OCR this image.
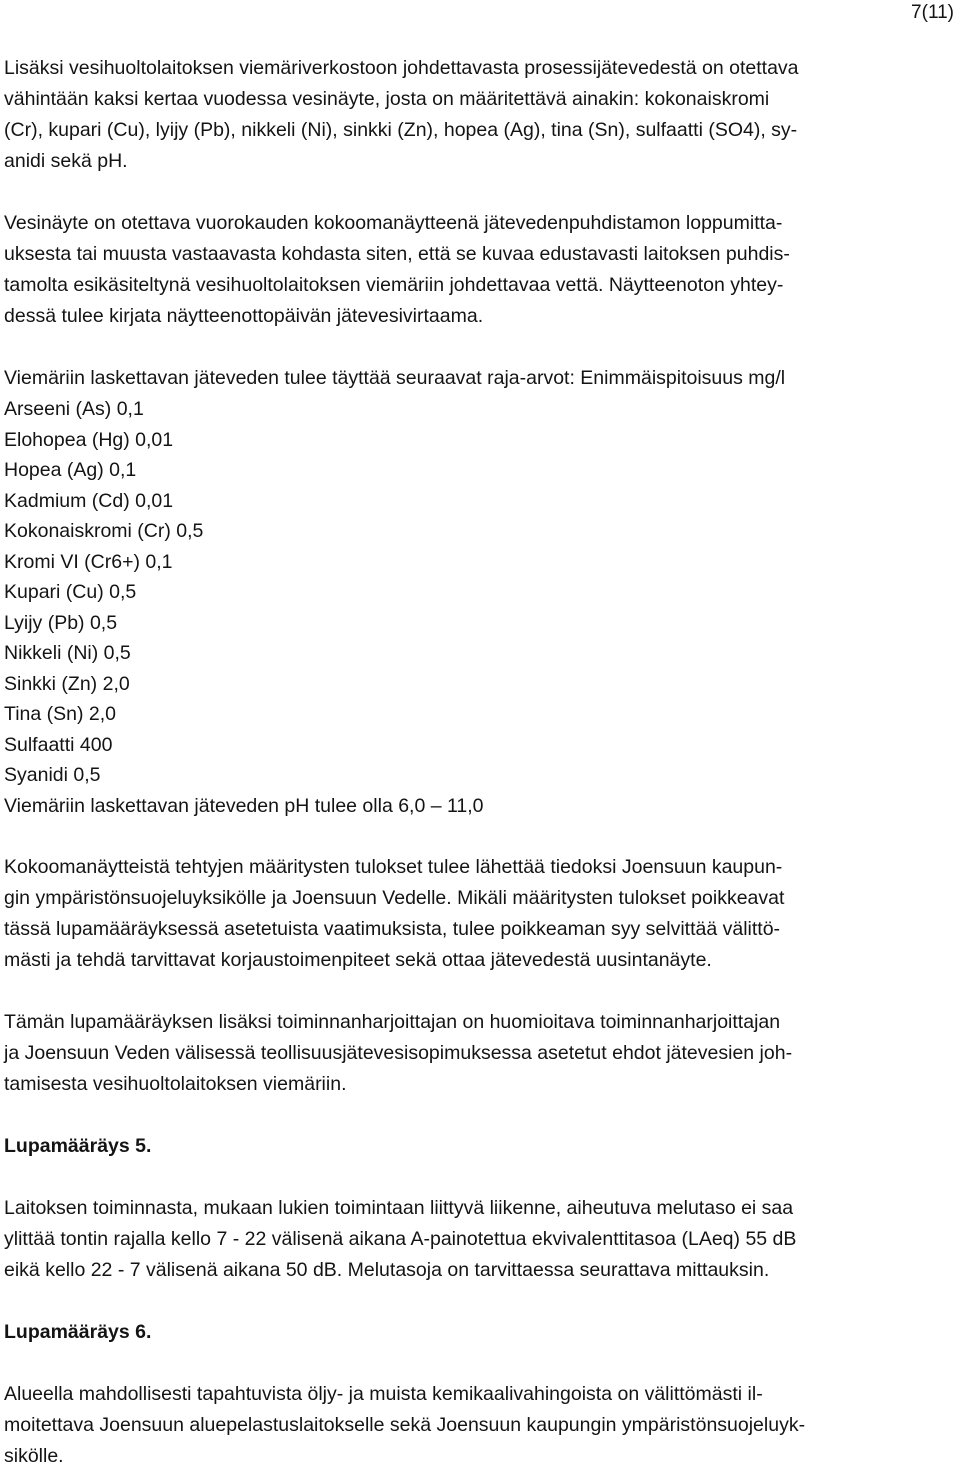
7(11)

Lisäksi vesihuoltolaitoksen viemäriverkostoon johdettavasta prosessijätevedestä on otettava
vähintään kaksi kertaa vuodessa vesinäyte, josta on määritettävä ainakin: kokonaiskromi
(Cr), kupari (Cu), lyijy (Pb), nikkeli (Ni), sinkki (Zn), hopea (Ag), tina (Sn), sulfaatti (SO4), sy-
anidi sekä pH.

Vesinäyte on otettava vuorokauden kokoomanäytteenä jätevedenpuhdistamon loppumitta-
uksesta tai muusta vastaavasta kohdasta siten, että se kuvaa edustavasti laitoksen puhdis-
tamolta esikäsiteltynä vesihuoltolaitoksen viemäriin johdettavaa vettä. Näytteenoton yhtey-
dessä tulee kirjata näytteenottopäivän jätevesivirtaama.

Viemäriin laskettavan jäteveden tulee täyttää seuraavat raja-arvot: Enimmäispitoisuus mg/l

Arseeni (As) 0,1
Elohopea (Hg) 0,01
Hopea (Ag) 0,1
Kadmium (Cd) 0,01
Kokonaiskromi (Cr) 0,5
Kromi VI (Cr6+) 0,1
Kupari (Cu) 0,5
Lyijy (Pb) 0,5
Nikkeli (Ni) 0,5
Sinkki (Zn) 2,0
Tina (Sn) 2,0
Sulfaatti 400
Syanidi 0,5
Viemäriin laskettavan jäteveden pH tulee olla 6,0 – 11,0

Kokoomanäytteistä tehtyjen määritysten tulokset tulee lähettää tiedoksi Joensuun kaupun-
gin ympäristönsuojeluyksikölle ja Joensuun Vedelle. Mikäli määritysten tulokset poikkeavat
tässä lupamääräyksessä asetetuista vaatimuksista, tulee poikkeaman syy selvittää välittö-
mästi ja tehdä tarvittavat korjaustoimenpiteet sekä ottaa jätevedestä uusintanäyte.

Tämän lupamääräyksen lisäksi toiminnanharjoittajan on huomioitava toiminnanharjoittajan
ja Joensuun Veden välisessä teollisuusjätevesisopimuksessa asetetut ehdot jätevesien joh-
tamisesta vesihuoltolaitoksen viemäriin.

Lupamääräys 5.

Laitoksen toiminnasta, mukaan lukien toimintaan liittyvä liikenne, aiheutuva melutaso ei saa
ylittää tontin rajalla kello 7 - 22 välisenä aikana A-painotettua ekvivalenttitasoa (LAeq) 55 dB
eikä kello 22 - 7 välisenä aikana 50 dB. Melutasoja on tarvittaessa seurattava mittauksin.

Lupamääräys 6.

Alueella mahdollisesti tapahtuvista öljy- ja muista kemikaalivahingoista on välittömästi il-
moitettava Joensuun aluepelastuslaitokselle sekä Joensuun kaupungin ympäristönsuojeluyk-
sikölle.
